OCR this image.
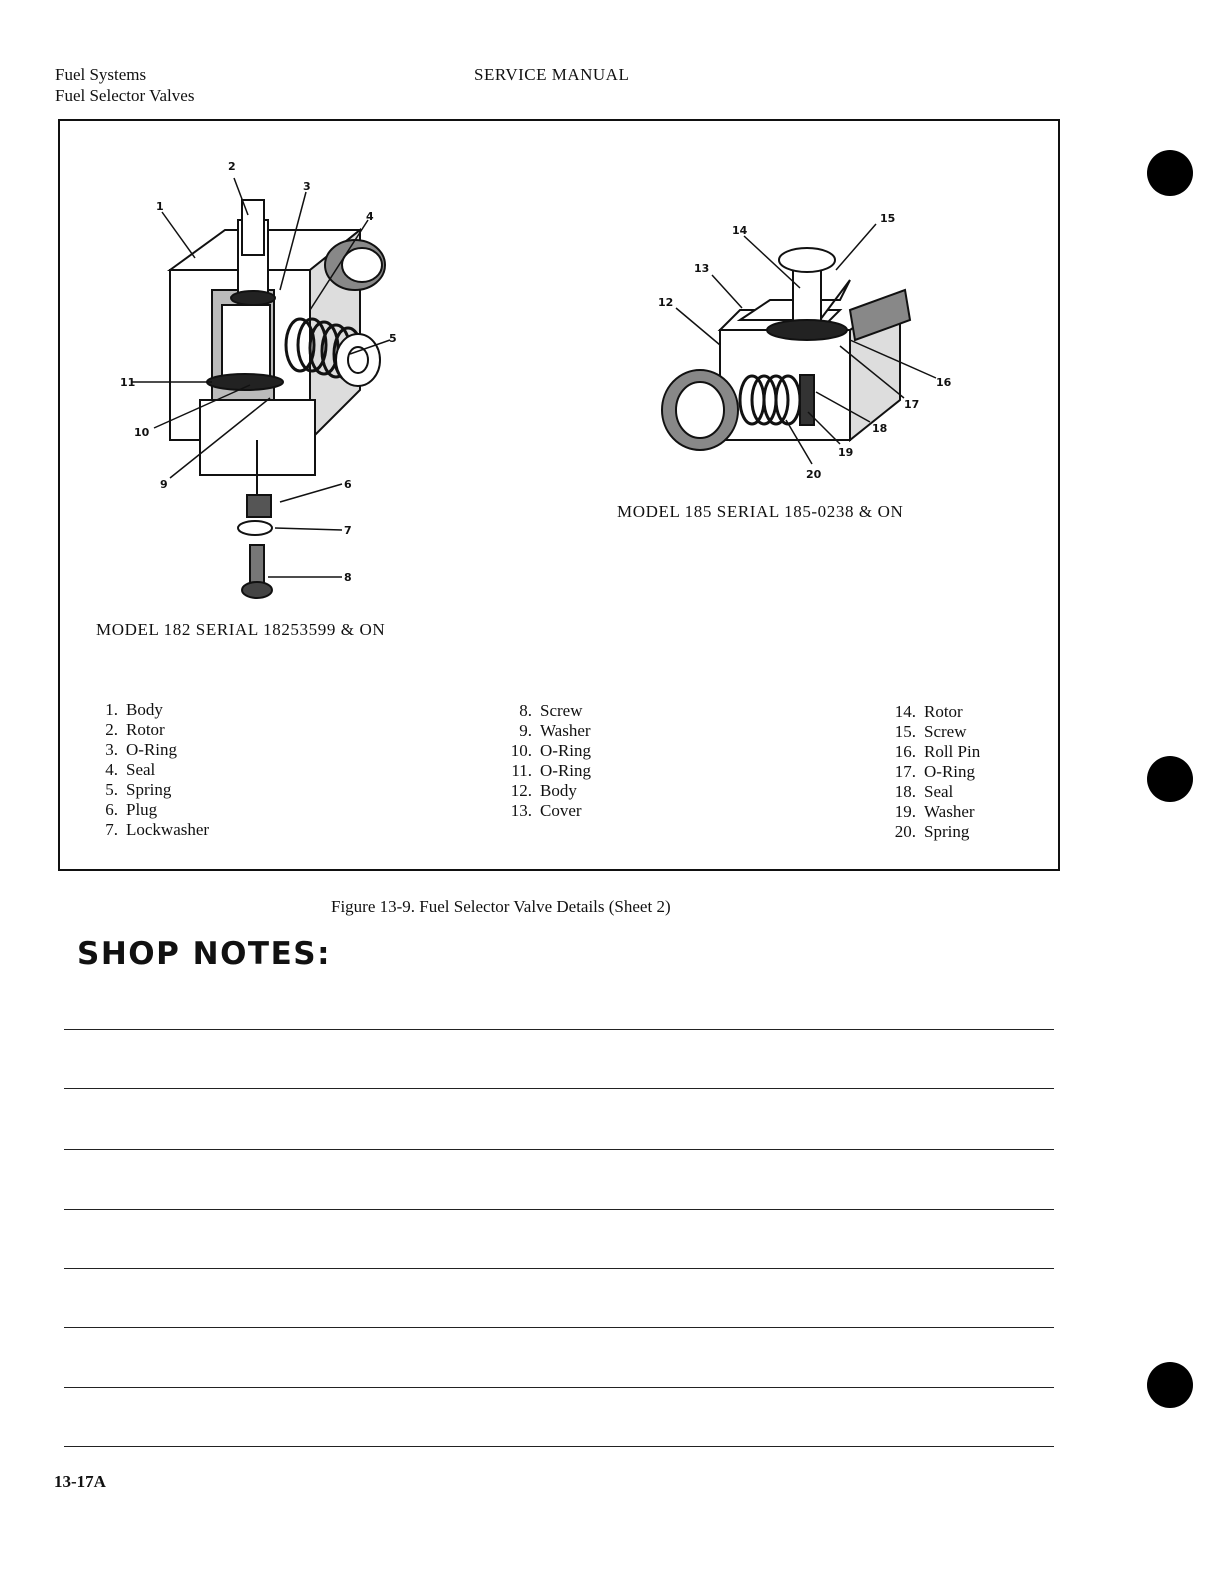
Fuel Systems
Fuel Selector Valves
SERVICE MANUAL
1
2
3
4
5
6
7
8
9
10
11
MODEL 182 SERIAL 18253599 & ON
12
13
14
15
16
17
18
19
20
MODEL 185 SERIAL 185-0238 & ON
1. Body
2. Rotor
3. O-Ring
4. Seal
5. Spring
6. Plug
7. Lockwasher
8. Screw
9. Washer
10. O-Ring
11. O-Ring
12. Body
13. Cover
14. Rotor
15. Screw
16. Roll Pin
17. O-Ring
18. Seal
19. Washer
20. Spring
Figure 13-9. Fuel Selector Valve Details (Sheet 2)
SHOP NOTES:
13-17A
